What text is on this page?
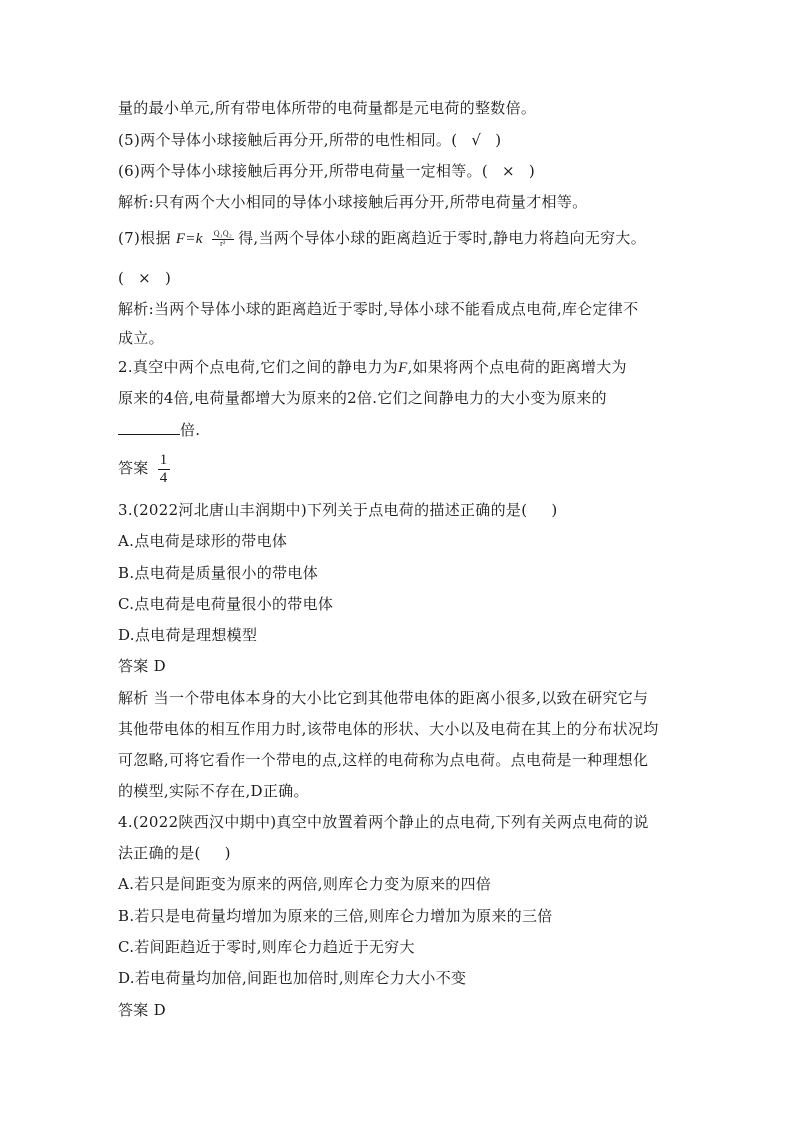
量的最小单元,所有带电体所带的电荷量都是元电荷的整数倍。
(5)两个导体小球接触后再分开,所带的电性相同。( √ )
(6)两个导体小球接触后再分开,所带电荷量一定相等。( × )
解析:只有两个大小相同的导体小球接触后再分开,所带电荷量才相等。
(7)根据 $F=k \frac{\text{Q₁Q₂}}{\text{r²}}$ 得,当两个导体小球的距离趋近于零时,静电力将趋向无穷大。
( × )
解析:当两个导体小球的距离趋近于零时,导体小球不能看成点电荷,库仑定律不
成立。
2.真空中两个点电荷,它们之间的静电力为F,如果将两个点电荷的距离增大为
原来的4倍,电荷量都增大为原来的2倍.它们之间静电力的大小变为原来的
倍.
答案 $\frac{1}{4}$
3.(2022河北唐山丰润期中)下列关于点电荷的描述正确的是( )
A.点电荷是球形的带电体
B.点电荷是质量很小的带电体
C.点电荷是电荷量很小的带电体
D.点电荷是理想模型
答案 D
解析 当一个带电体本身的大小比它到其他带电体的距离小很多,以致在研究它与
其他带电体的相互作用力时,该带电体的形状、大小以及电荷在其上的分布状况均
可忽略,可将它看作一个带电的点,这样的电荷称为点电荷。点电荷是一种理想化
的模型,实际不存在,D正确。
4.(2022陕西汉中期中)真空中放置着两个静止的点电荷,下列有关两点电荷的说
法正确的是( )
A.若只是间距变为原来的两倍,则库仑力变为原来的四倍
B.若只是电荷量均增加为原来的三倍,则库仑力增加为原来的三倍
C.若间距趋近于零时,则库仑力趋近于无穷大
D.若电荷量均加倍,间距也加倍时,则库仑力大小不变
答案 D
